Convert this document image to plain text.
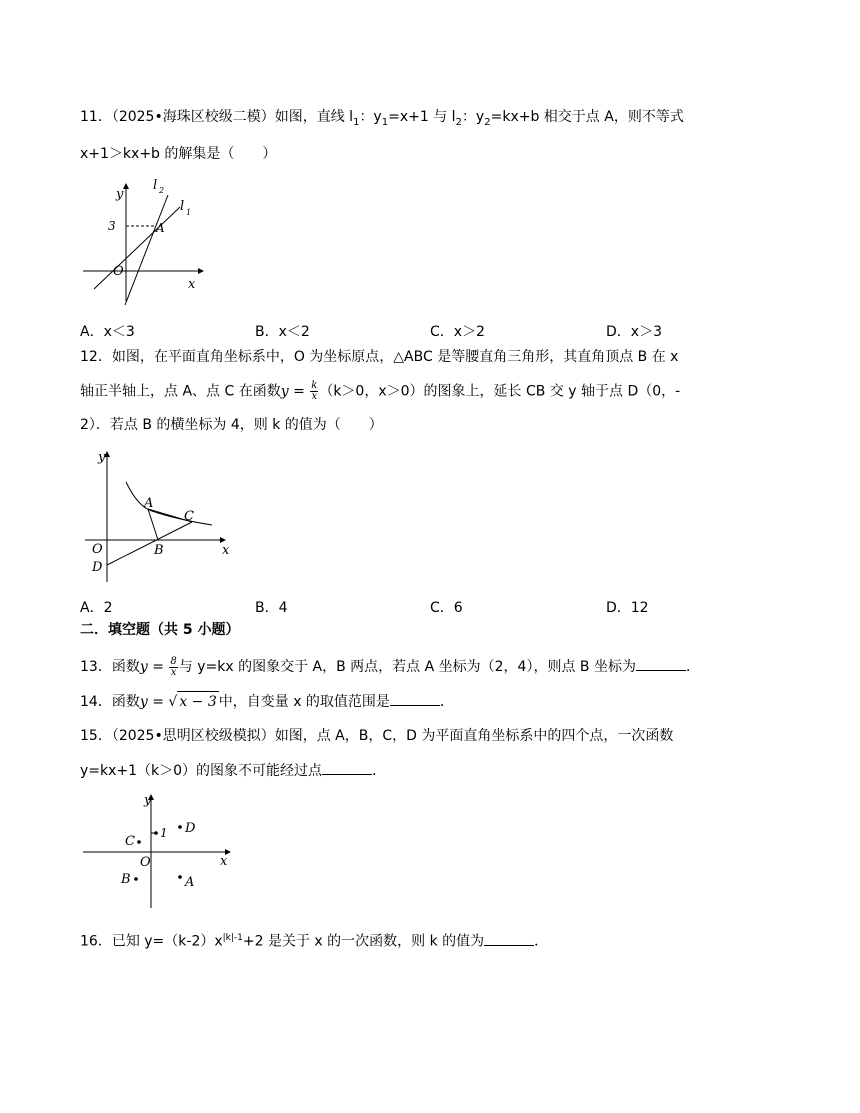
11．（2025•海珠区校级二模）如图，直线 $l_1$：$y_1=x+1$ 与 $l_2$：$y_2=kx+b$ 相交于点 A，则不等式
x+1＞kx+b 的解集是（　　）
y
x
O
A
3
l 2
l 1
A．x＜3	B．x＜2	C．x＞2	D．x＞3
12．如图，在平面直角坐标系中，O 为坐标原点，△ABC 是等腰直角三角形，其直角顶点 B 在 x
轴正半轴上，点 A、点 C 在函数$y = \frac{k}{x} (k>0$，x＞0）的图象上，延长 CB 交 y 轴于点 D（0，-
2）．若点 B 的横坐标为 4，则 k 的值为（　　）
y
x
O
A
B
C
D
A．2	B．4	C．6	D．12
二．填空题（共 5 小题）
13．函数$y = \frac{8}{x}$ 与 y=kx 的图象交于 A，B 两点，若点 A 坐标为（2，4），则点 B 坐标为	．
14．函数y = √ x − 3 中，自变量 x 的取值范围是	．
15．（2025•思明区校级模拟）如图，点 A，B，C，D 为平面直角坐标系中的四个点，一次函数
y=kx+1（k＞0）的图象不可能经过点	．
y
x
O
1 D
C
B	A
16．已知 $y=(k-2)x^{|k|-1}+2$ 是关于 x 的一次函数，则 k 的值为	．
